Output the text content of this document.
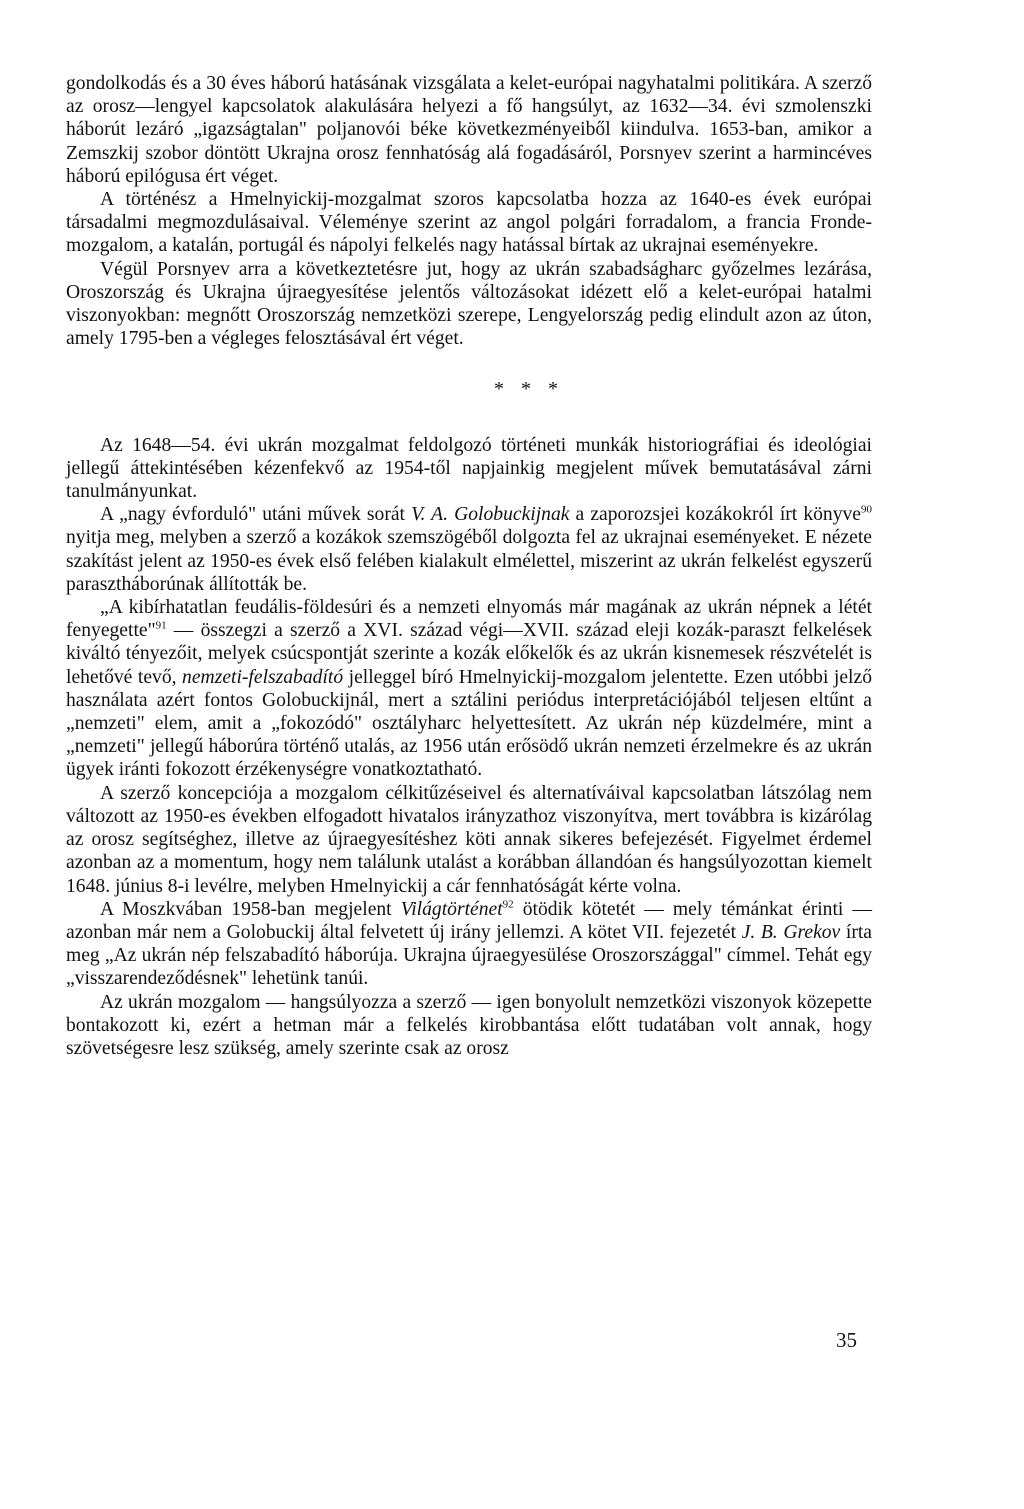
gondolkodás és a 30 éves háború hatásának vizsgálata a kelet-európai nagyhatalmi politikára. A szerző az orosz—lengyel kapcsolatok alakulására helyezi a fő hangsúlyt, az 1632—34. évi szmolenszki háborút lezáró „igazságtalan" poljanovói béke következményeiből kiindulva. 1653-ban, amikor a Zemszkij szobor döntött Ukrajna orosz fennhatóság alá fogadásáról, Porsnyev szerint a harmincéves háború epilógusa ért véget.

A történész a Hmelnyickij-mozgalmat szoros kapcsolatba hozza az 1640-es évek európai társadalmi megmozdulásaival. Véleménye szerint az angol polgári forradalom, a francia Fronde-mozgalom, a katalán, portugál és nápolyi felkelés nagy hatással bírtak az ukrajnai eseményekre.

Végül Porsnyev arra a következtetésre jut, hogy az ukrán szabadságharc győzelmes lezárása, Oroszország és Ukrajna újraegyesítése jelentős változásokat idézett elő a kelet-európai hatalmi viszonyokban: megnőtt Oroszország nemzetközi szerepe, Lengyelország pedig elindult azon az úton, amely 1795-ben a végleges felosztásával ért véget.

* * *

Az 1648—54. évi ukrán mozgalmat feldolgozó történeti munkák historiográfiai és ideológiai jellegű áttekintésében kézenfekvő az 1954-től napjainkig megjelent művek bemutatásával zárni tanulmányunkat.

A „nagy évforduló" utáni művek sorát V. A. Golobuckijnak a zaporozsjei kozákokról írt könyve$^{90}$ nyitja meg, melyben a szerző a kozákok szemszögéből dolgozta fel az ukrajnai eseményeket. E nézete szakítást jelent az 1950-es évek első felében kialakult elmélettel, miszerint az ukrán felkelést egyszerű parasztháborúnak állították be.

„A kibírhatatlan feudális-földesúri és a nemzeti elnyomás már magának az ukrán népnek a létét fenyegette"$^{91}$ — összegzi a szerző a XVI. század végi—XVII. század eleji kozák-paraszt felkelések kiváltó tényezőit, melyek csúcspontját szerinte a kozák előkelők és az ukrán kisnemesek részvételét is lehetővé tevő, nemzeti-felszabadító jelleggel bíró Hmelnyickij-mozgalom jelentette. Ezen utóbbi jelző használata azért fontos Golobuckijnál, mert a sztálini periódus interpretációjából teljesen eltűnt a „nemzeti" elem, amit a „fokozódó" osztályharc helyettesített. Az ukrán nép küzdelmére, mint a „nemzeti" jellegű háborúra történő utalás, az 1956 után erősödő ukrán nemzeti érzelmekre és az ukrán ügyek iránti fokozott érzékenységre vonatkoztatható.

A szerző koncepciója a mozgalom célkitűzéseivel és alternatíváival kapcsolatban látszólag nem változott az 1950-es években elfogadott hivatalos irányzathoz viszonyítva, mert továbbra is kizárólag az orosz segítséghez, illetve az újraegyesítéshez köti annak sikeres befejezését. Figyelmet érdemel azonban az a momentum, hogy nem találunk utalást a korábban állandóan és hangsúlyozottan kiemelt 1648. június 8-i levélre, melyben Hmelnyickij a cár fennhatóságát kérte volna.

A Moszkvában 1958-ban megjelent Világtörténet$^{92}$ ötödik kötetét — mely témánkat érinti — azonban már nem a Golobuckij által felvetett új irány jellemzi. A kötet VII. fejezetét J. B. Grekov írta meg „Az ukrán nép felszabadító háborúja. Ukrajna újraegyesülése Oroszországgal" címmel. Tehát egy „visszarendeződésnek" lehetünk tanúi.

Az ukrán mozgalom — hangsúlyozza a szerző — igen bonyolult nemzetközi viszonyok közepette bontakozott ki, ezért a hetman már a felkelés kirobbantása előtt tudatában volt annak, hogy szövetségesre lesz szükség, amely szerinte csak az orosz

35
